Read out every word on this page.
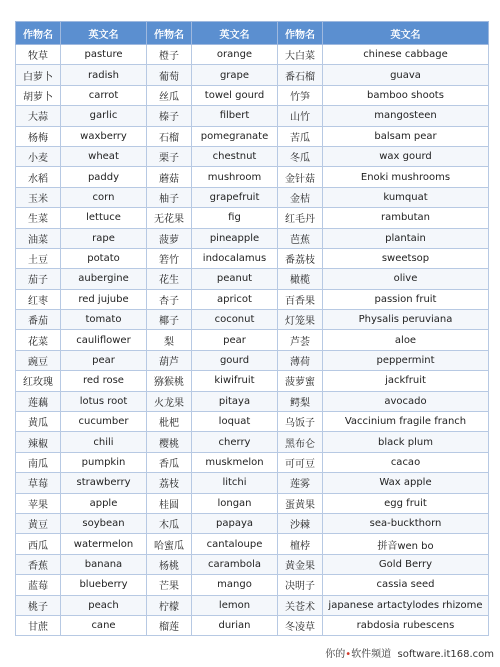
作物名	英文名	作物名	英文名	作物名	英文名
牧草	pasture	橙子	orange	大白菜	chinese cabbage
白萝卜	radish	葡萄	grape	番石榴	guava
胡萝卜	carrot	丝瓜	towel gourd	竹笋	bamboo shoots
大蒜	garlic	榛子	filbert	山竹	mangosteen
杨梅	waxberry	石榴	pomegranate	苦瓜	balsam pear
小麦	wheat	栗子	chestnut	冬瓜	wax gourd
水稻	paddy	蘑菇	mushroom	金针菇	Enoki mushrooms
玉米	corn	柚子	grapefruit	金桔	kumquat
生菜	lettuce	无花果	fig	红毛丹	rambutan
油菜	rape	菠萝	pineapple	芭蕉	plantain
土豆	potato	箬竹	indocalamus	番荔枝	sweetsop
茄子	aubergine	花生	peanut	橄榄	olive
红枣	red jujube	杏子	apricot	百香果	passion fruit
番茄	tomato	椰子	coconut	灯笼果	Physalis peruviana
花菜	cauliflower	梨	pear	芦荟	aloe
豌豆	pear	葫芦	gourd	薄荷	peppermint
红玫瑰	red rose	猕猴桃	kiwifruit	菠萝蜜	jackfruit
莲藕	lotus root	火龙果	pitaya	鳄梨	avocado
黄瓜	cucumber	枇杷	loquat	乌饭子	Vaccinium fragile franch
辣椒	chili	樱桃	cherry	黑布仑	black plum
南瓜	pumpkin	香瓜	muskmelon	可可豆	cacao
草莓	strawberry	荔枝	litchi	莲雾	Wax apple
苹果	apple	桂圆	longan	蛋黄果	egg fruit
黄豆	soybean	木瓜	papaya	沙棘	sea-buckthorn
西瓜	watermelon	哈蜜瓜	cantaloupe	檀桲	拼音wen bo
香蕉	banana	杨桃	carambola	黄金果	Gold Berry
蓝莓	blueberry	芒果	mango	决明子	cassia seed
桃子	peach	柠檬	lemon	关苍术	japanese artactylodes rhizome
甘蔗	cane	榴莲	durian	冬凌草	rabdosia rubescens
你的•软件频道 software.it168.com
